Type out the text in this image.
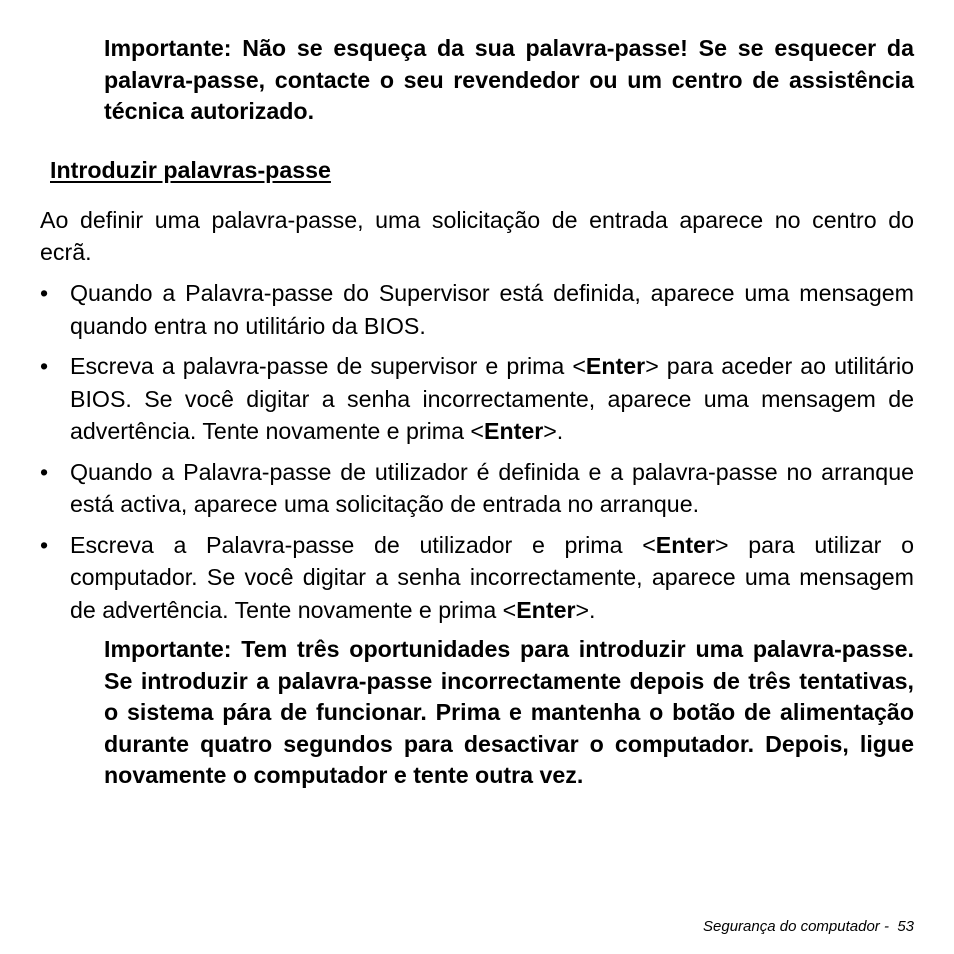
Importante: Não se esqueça da sua palavra-passe! Se se esquecer da palavra-passe, contacte o seu revendedor ou um centro de assistência técnica autorizado.
Introduzir palavras-passe
Ao definir uma palavra-passe, uma solicitação de entrada aparece no centro do ecrã.
• Quando a Palavra-passe do Supervisor está definida, aparece uma mensagem quando entra no utilitário da BIOS.
• Escreva a palavra-passe de supervisor e prima <Enter> para aceder ao utilitário BIOS. Se você digitar a senha incorrectamente, aparece uma mensagem de advertência. Tente novamente e prima <Enter>.
• Quando a Palavra-passe de utilizador é definida e a palavra-passe no arranque está activa, aparece uma solicitação de entrada no arranque.
• Escreva a Palavra-passe de utilizador e prima <Enter> para utilizar o computador. Se você digitar a senha incorrectamente, aparece uma mensagem de advertência. Tente novamente e prima <Enter>.
Importante: Tem três oportunidades para introduzir uma palavra-passe. Se introduzir a palavra-passe incorrectamente depois de três tentativas, o sistema pára de funcionar. Prima e mantenha o botão de alimentação durante quatro segundos para desactivar o computador. Depois, ligue novamente o computador e tente outra vez.
Segurança do computador - 53
